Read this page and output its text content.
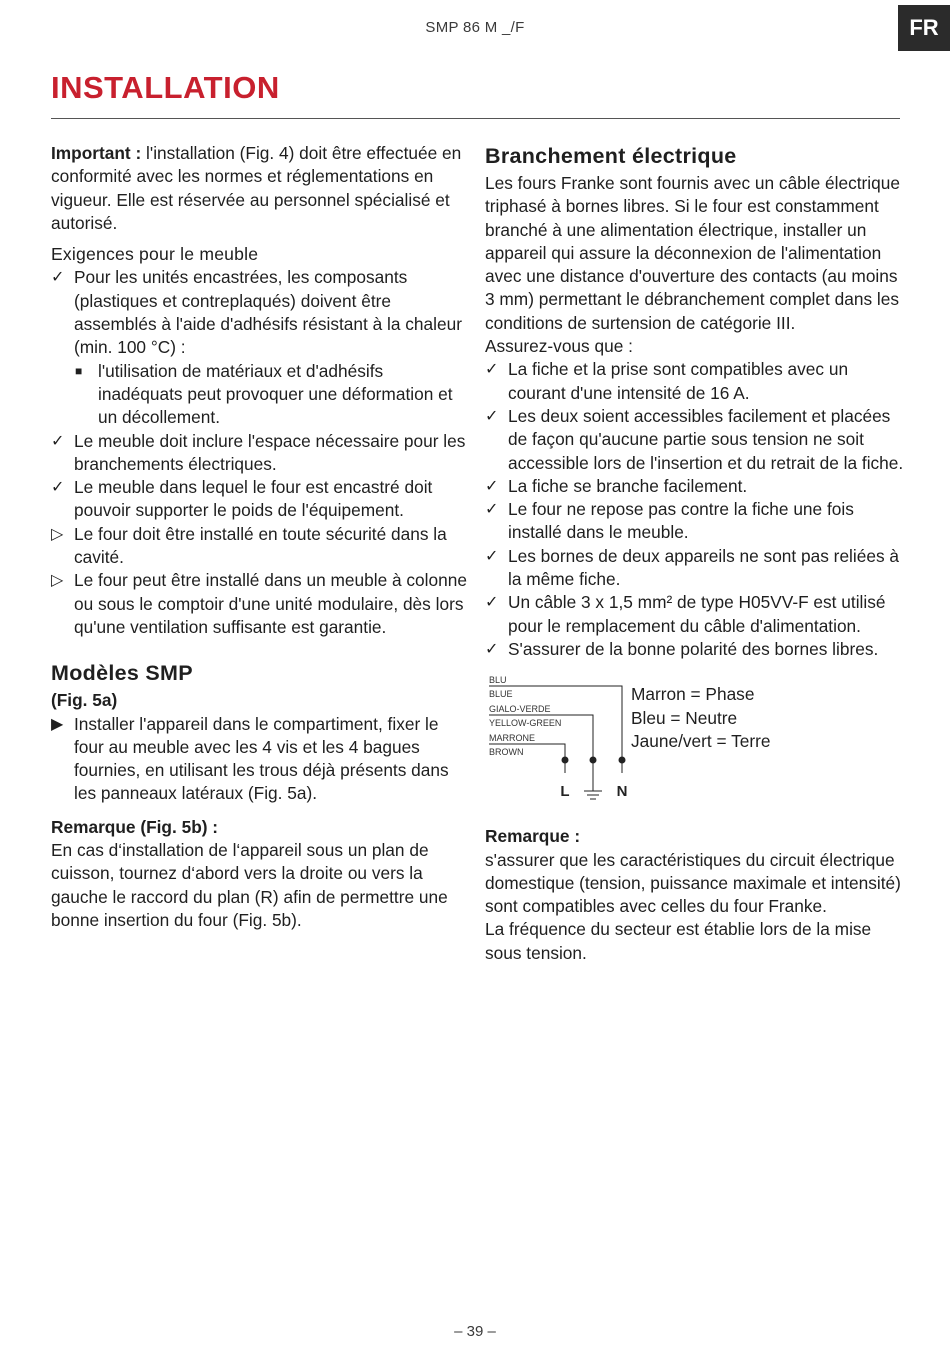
SMP 86 M _/F	FR
INSTALLATION

Important : l'installation (Fig. 4) doit être effectuée en conformité avec les normes et réglementations en vigueur. Elle est réservée au personnel spécialisé et autorisé.

Exigences pour le meuble
✓ Pour les unités encastrées, les composants (plastiques et contreplaqués) doivent être assemblés à l'aide d'adhésifs résistant à la chaleur (min. 100 °C) :
■ l'utilisation de matériaux et d'adhésifs inadéquats peut provoquer une déformation et un décollement.
✓ Le meuble doit inclure l'espace nécessaire pour les branchements électriques.
✓ Le meuble dans lequel le four est encastré doit pouvoir supporter le poids de l'équipement.
▷ Le four doit être installé en toute sécurité dans la cavité.
▷ Le four peut être installé dans un meuble à colonne ou sous le comptoir d'une unité modulaire, dès lors qu'une ventilation suffisante est garantie.
Modèles SMP
(Fig. 5a)
▶ Installer l'appareil dans le compartiment, fixer le four au meuble avec les 4 vis et les 4 bagues fournies, en utilisant les trous déjà présents dans les panneaux latéraux (Fig. 5a).
Remarque (Fig. 5b) :

En cas d‘installation de l‘appareil sous un plan de cuisson, tournez d‘abord vers la droite ou vers la gauche le raccord du plan (R) afin de permettre une bonne insertion du four (Fig. 5b).

Branchement électrique

Les fours Franke sont fournis avec un câble électrique triphasé à bornes libres. Si le four est constamment branché à une alimentation électrique, installer un appareil qui assure la déconnexion de l'alimentation avec une distance d'ouverture des contacts (au moins 3 mm) permettant le débranchement complet dans les conditions de surtension de catégorie III.

Assurez-vous que :

✓ La fiche et la prise sont compatibles avec un courant d'une intensité de 16 A.
✓ Les deux soient accessibles facilement et placées de façon qu'aucune partie sous tension ne soit accessible lors de l'insertion et du retrait de la fiche.
✓ La fiche se branche facilement.
✓ Le four ne repose pas contre la fiche une fois installé dans le meuble.
✓ Les bornes de deux appareils ne sont pas reliées à la même fiche.
✓ Un câble 3 x 1,5 mm² de type H05VV-F est utilisé pour le remplacement du câble d'alimentation.
✓ S'assurer de la bonne polarité des bornes libres.
BLU
BLUE
GIALO-VERDE
YELLOW-GREEN
MARRONE
BROWN
L	N
Marron = Phase
Bleu = Neutre
Jaune/vert = Terre
Remarque :

s'assurer que les caractéristiques du circuit électrique domestique (tension, puissance maximale et intensité) sont compatibles avec celles du four Franke.

La fréquence du secteur est établie lors de la mise sous tension.

– 39 –
